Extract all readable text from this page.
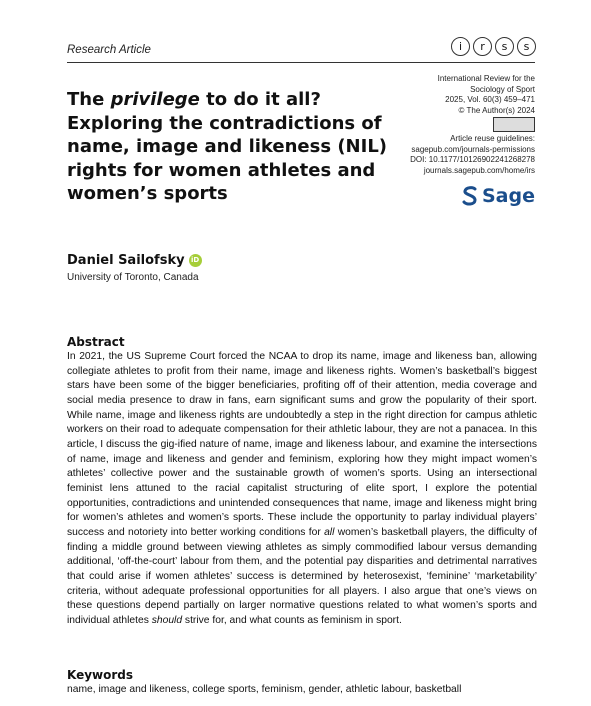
Research Article	i	r	s	s
The privilege to do it all? Exploring the contradictions of name, image and likeness (NIL) rights for women athletes and women’s sports
International Review for the
Sociology of Sport
2025, Vol. 60(3) 459–471
© The Author(s) 2024
Article reuse guidelines:
sagepub.com/journals-permissions
DOI: 10.1177/10126902241268278
journals.sagepub.com/home/irs
Sage
Daniel Sailofsky iD
University of Toronto, Canada
Abstract

In 2021, the US Supreme Court forced the NCAA to drop its name, image and likeness ban, allowing collegiate athletes to profit from their name, image and likeness rights. Women’s basketball’s biggest stars have been some of the bigger beneficiaries, profiting off of their attention, media coverage and social media presence to draw in fans, earn significant sums and grow the popularity of their sport. While name, image and likeness rights are undoubtedly a step in the right direction for campus athletic workers on their road to adequate compensation for their athletic labour, they are not a panacea. In this article, I discuss the gig-ified nature of name, image and likeness labour, and examine the intersections of name, image and likeness and gender and feminism, exploring how they might impact women’s athletes’ collective power and the sustainable growth of women’s sports. Using an intersectional feminist lens attuned to the racial capitalist structuring of elite sport, I explore the potential opportunities, contradictions and unintended consequences that name, image and likeness might bring for women’s athletes and women’s sports. These include the opportunity to parlay individual players’ success and notoriety into better working conditions for all women’s basketball players, the difficulty of finding a middle ground between viewing athletes as simply commodified labour versus demanding additional, ‘off-the-court’ labour from them, and the potential pay disparities and detrimental narratives that could arise if women athletes’ success is determined by heterosexist, ‘feminine’ ‘marketability’ criteria, without adequate professional opportunities for all players. I also argue that one’s views on these questions depend partially on larger normative questions related to what women’s sports and individual athletes should strive for, and what counts as feminism in sport.

Keywords

name, image and likeness, college sports, feminism, gender, athletic labour, basketball
